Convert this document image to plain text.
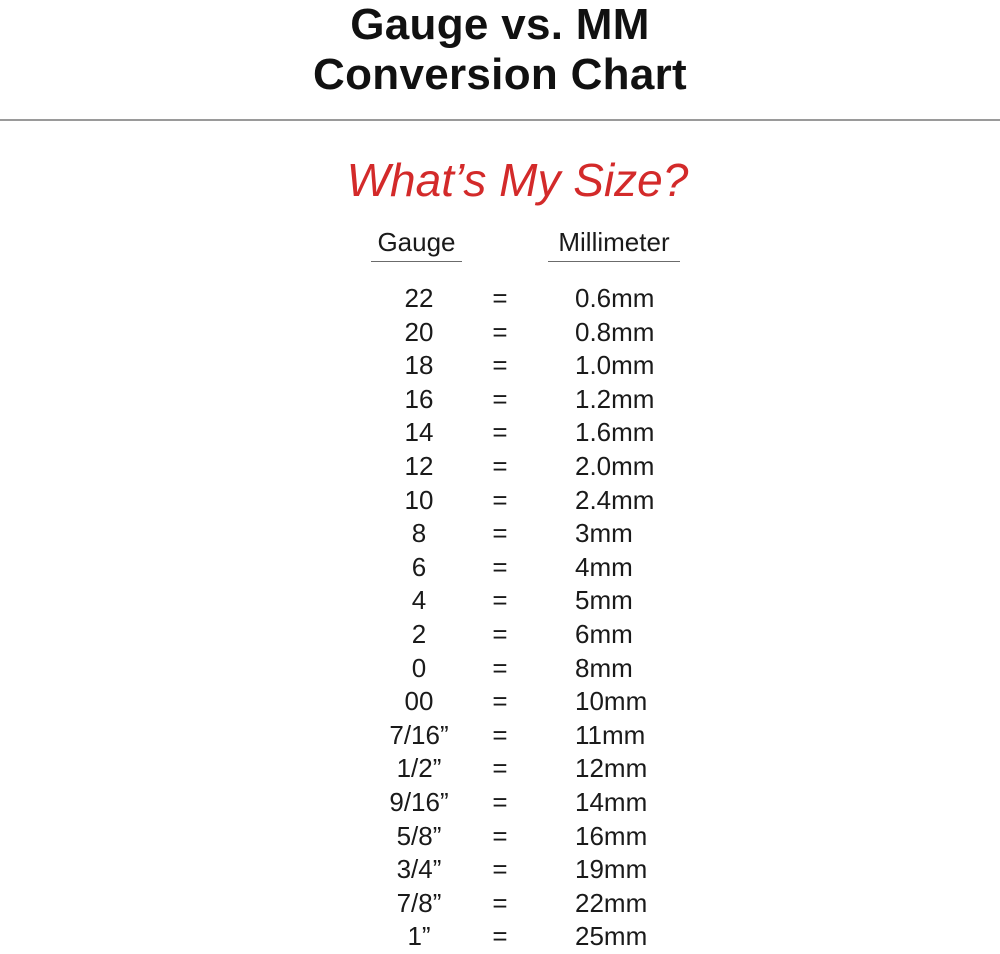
Gauge vs. MM
Conversion Chart
What’s My Size?
Gauge	Millimeter
22	=	0.6mm
20	=	0.8mm
18	=	1.0mm
16	=	1.2mm
14	=	1.6mm
12	=	2.0mm
10	=	2.4mm
8	=	3mm
6	=	4mm
4	=	5mm
2	=	6mm
0	=	8mm
00	=	10mm
7/16”	=	11mm
1/2”	=	12mm
9/16”	=	14mm
5/8”	=	16mm
3/4”	=	19mm
7/8”	=	22mm
1”	=	25mm
